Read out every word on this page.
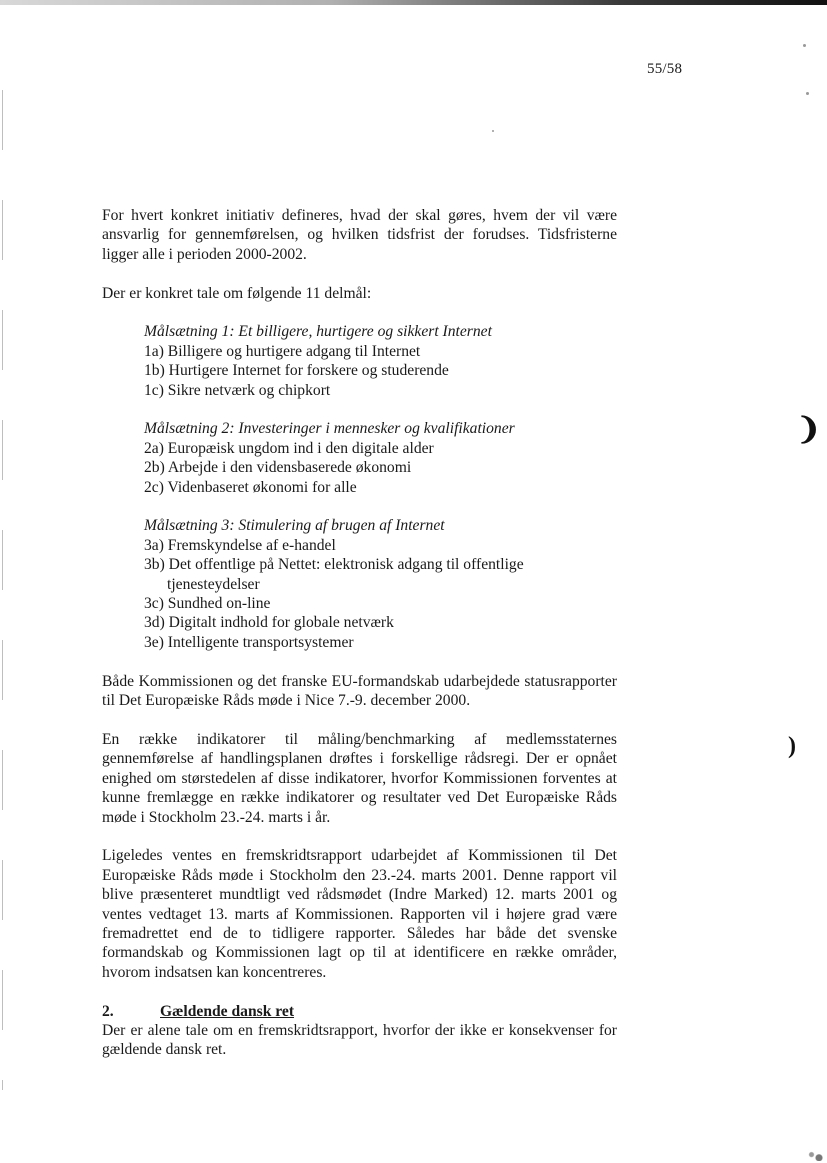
55/58

For hvert konkret initiativ defineres, hvad der skal gøres, hvem der vil være ansvarlig for gennemførelsen, og hvilken tidsfrist der forudses. Tidsfristerne ligger alle i perioden 2000-2002.

Der er konkret tale om følgende 11 delmål:

Målsætning 1: Et billigere, hurtigere og sikkert Internet

1a) Billigere og hurtigere adgang til Internet

1b) Hurtigere Internet for forskere og studerende

1c) Sikre netværk og chipkort

Målsætning 2: Investeringer i mennesker og kvalifikationer

2a) Europæisk ungdom ind i den digitale alder

2b) Arbejde i den vidensbaserede økonomi

2c) Videnbaseret økonomi for alle

Målsætning 3: Stimulering af brugen af Internet

3a) Fremskyndelse af e-handel

3b) Det offentlige på Nettet: elektronisk adgang til offentlige tjenesteydelser

3c) Sundhed on-line

3d) Digitalt indhold for globale netværk

3e) Intelligente transportsystemer

Både Kommissionen og det franske EU-formandskab udarbejdede statusrapporter til Det Europæiske Råds møde i Nice 7.-9. december 2000.

En række indikatorer til måling/benchmarking af medlemsstaternes gennemførelse af handlingsplanen drøftes i forskellige rådsregi. Der er opnået enighed om størstedelen af disse indikatorer, hvorfor Kommissionen forventes at kunne fremlægge en række indikatorer og resultater ved Det Europæiske Råds møde i Stockholm 23.-24. marts i år.

Ligeledes ventes en fremskridtsrapport udarbejdet af Kommissionen til Det Europæiske Råds møde i Stockholm den 23.-24. marts 2001. Denne rapport vil blive præsenteret mundtligt ved rådsmødet (Indre Marked) 12. marts 2001 og ventes vedtaget 13. marts af Kommissionen. Rapporten vil i højere grad være fremadrettet end de to tidligere rapporter. Således har både det svenske formandskab og Kommissionen lagt op til at identificere en række områder, hvorom indsatsen kan koncentreres.

2.	Gældende dansk ret

Der er alene tale om en fremskridtsrapport, hvorfor der ikke er konsekvenser for gældende dansk ret.

❩
)
